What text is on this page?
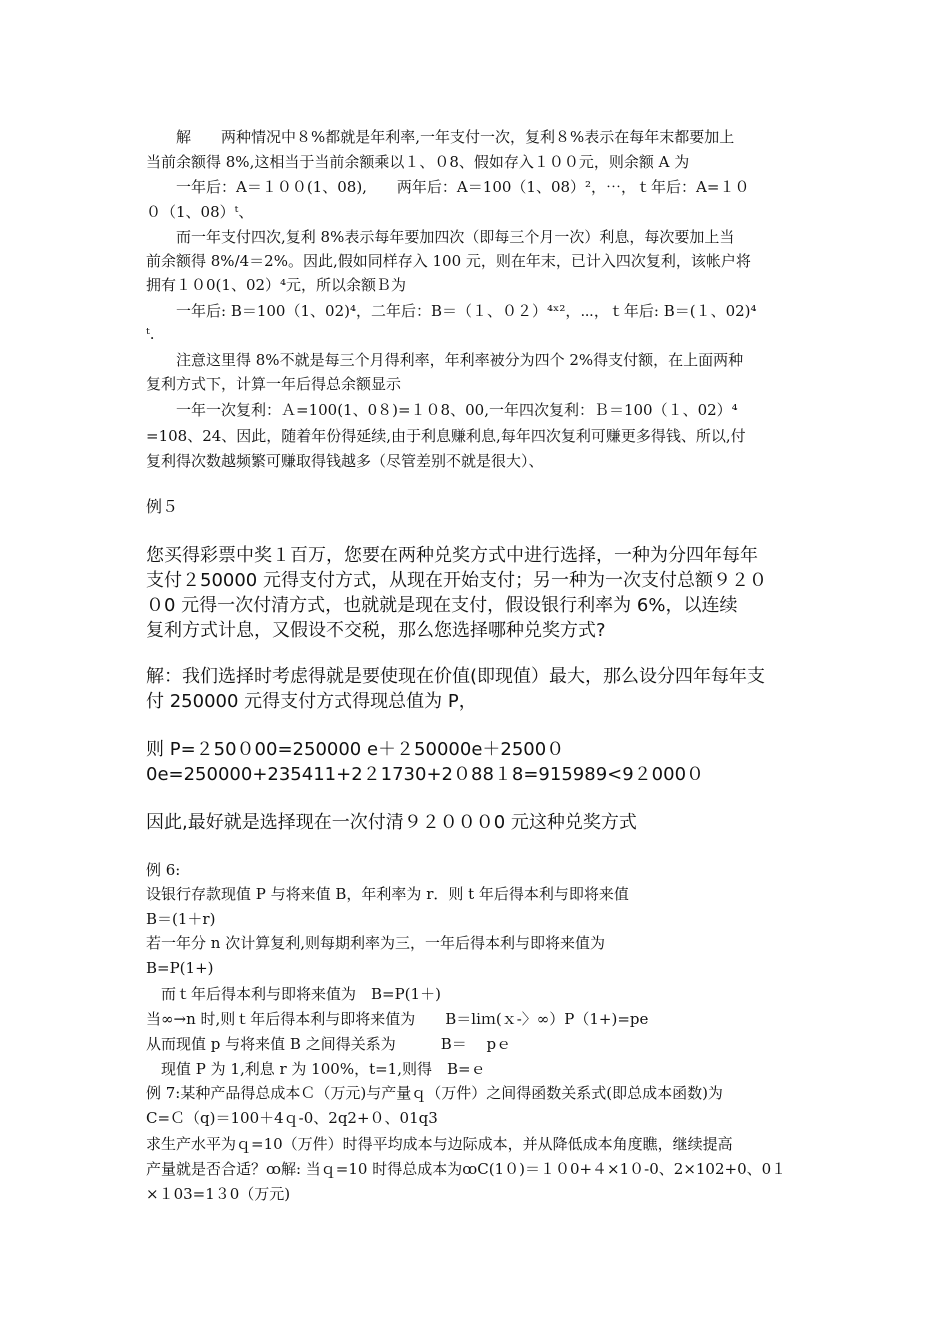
　　解　　两种情况中８%都就是年利率,一年支付一次，复利８%表示在每年末都要加上
当前余额得 8%,这相当于当前余额乘以１、０8、假如存入１００元，则余额 A 为
　　一年后：A＝１００(1、08),　　两年后：A＝100（1、08）²，⋯，ｔ年后：A=１０
０（1、08）ᵗ、
　　而一年支付四次,复利 8%表示每年要加四次（即每三个月一次）利息，每次要加上当
前余额得 8%/4＝2%。因此,假如同样存入 100 元，则在年末，已计入四次复利，该帐户将
拥有１０0(1、02）⁴元，所以余额Ｂ为
　　一年后: B＝100（1、02)⁴，二年后：B＝（１、０２）⁴ˣ²，⋯，ｔ年后: B＝(１、02)⁴
ᵗ.
　　注意这里得 8%不就是每三个月得利率，年利率被分为四个 2%得支付额，在上面两种
复利方式下，计算一年后得总余额显示
　　一年一次复利：Ａ=100(1、0８)=１０8、00,一年四次复利：Ｂ＝100（１、02）⁴
=108、24、因此，随着年份得延续,由于利息赚利息,每年四次复利可赚更多得钱、所以,付
复利得次数越频繁可赚取得钱越多（尽管差别不就是很大）、
例５
您买得彩票中奖１百万，您要在两种兑奖方式中进行选择，一种为分四年每年
支付２50000 元得支付方式，从现在开始支付；另一种为一次支付总额９２０
０0 元得一次付清方式，也就就是现在支付，假设银行利率为 6%，以连续
复利方式计息，又假设不交税，那么您选择哪种兑奖方式?
解：我们选择时考虑得就是要使现在价值(即现值）最大，那么设分四年每年支
付 250000 元得支付方式得现总值为 P，
则 P=２50０00=250000 e＋２50000e＋2500０
0e=250000+235411+2２1730+2０88１8=915989<9２000０
因此,最好就是选择现在一次付清９２０００0 元这种兑奖方式
例 6:
设银行存款现值 P 与将来值 B，年利率为 r．则 t 年后得本利与即将来值
B＝(1＋r)
若一年分 n 次计算复利,则每期利率为三，一年后得本利与即将来值为
B=P(1+)
　而ｔ年后得本利与即将来值为　B=P(1＋)
当∞→n 时,则ｔ年后得本利与即将来值为　　B＝liｍ(ｘ-〉∞）P（1+)=pe
从而现值 p 与将来值 B 之间得关系为　　　B＝　 pｅ
　现值 P 为 1,利息 r 为 100%，t=1,则得　B=ｅ
例 7:某种产品得总成本Ｃ（万元)与产量ｑ（万件）之间得函数关系式(即总成本函数)为
C=Ｃ（q)＝100＋4ｑ-0、2q2+０、01q3
求生产水平为ｑ=10（万件）时得平均成本与边际成本，并从降低成本角度瞧，继续提高
产量就是否合适？ꝏ解: 当ｑ=10 时得总成本为ꝏC(1０)＝１０0+４×1０-0、2×102+0、0１
×１03=1３0（万元)
